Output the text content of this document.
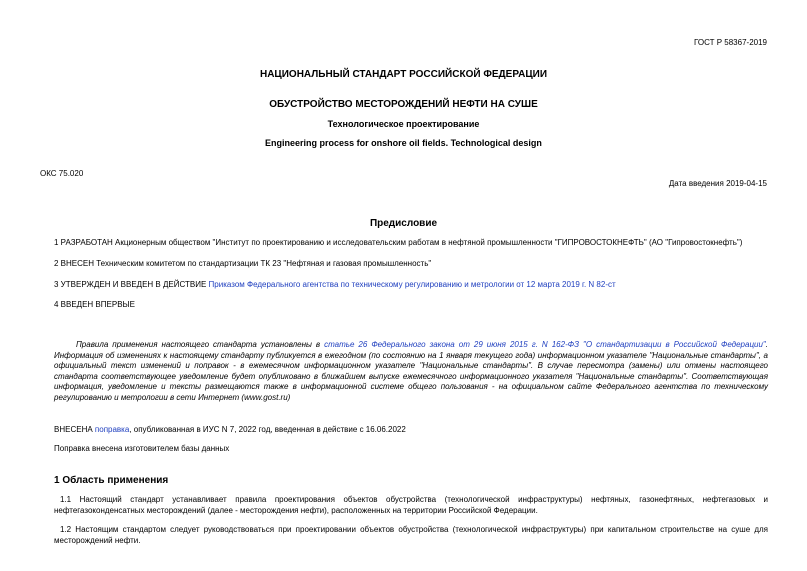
ГОСТ Р 58367-2019
НАЦИОНАЛЬНЫЙ СТАНДАРТ РОССИЙСКОЙ ФЕДЕРАЦИИ
ОБУСТРОЙСТВО МЕСТОРОЖДЕНИЙ НЕФТИ НА СУШЕ
Технологическое проектирование
Engineering process for onshore oil fields. Technological design
ОКС 75.020
Дата введения 2019-04-15
Предисловие
1 РАЗРАБОТАН Акционерным обществом "Институт по проектированию и исследовательским работам в нефтяной промышленности "ГИПРОВОСТОКНЕФТЬ" (АО "Гипровостокнефть")
2 ВНЕСЕН Техническим комитетом по стандартизации ТК 23 "Нефтяная и газовая промышленность"
3 УТВЕРЖДЕН И ВВЕДЕН В ДЕЙСТВИЕ Приказом Федерального агентства по техническому регулированию и метрологии от 12 марта 2019 г. N 82-ст
4 ВВЕДЕН ВПЕРВЫЕ

Правила применения настоящего стандарта установлены в статье 26 Федерального закона от 29 июня 2015 г. N 162-ФЗ "О стандартизации в Российской Федерации". Информация об изменениях к настоящему стандарту публикуется в ежегодном (по состоянию на 1 января текущего года) информационном указателе "Национальные стандарты", а официальный текст изменений и поправок - в ежемесячном информационном указателе "Национальные стандарты". В случае пересмотра (замены) или отмены настоящего стандарта соответствующее уведомление будет опубликовано в ближайшем выпуске ежемесячного информационного указателя "Национальные стандарты". Соответствующая информация, уведомление и тексты размещаются также в информационной системе общего пользования - на официальном сайте Федерального агентства по техническому регулированию и метрологии в сети Интернет (www.gost.ru)

ВНЕСЕНА поправка, опубликованная в ИУС N 7, 2022 год, введенная в действие с 16.06.2022
Поправка внесена изготовителем базы данных
1 Область применения

1.1 Настоящий стандарт устанавливает правила проектирования объектов обустройства (технологической инфраструктуры) нефтяных, газонефтяных, нефтегазовых и нефтегазоконденсатных месторождений (далее - месторождения нефти), расположенных на территории Российской Федерации.

1.2 Настоящим стандартом следует руководствоваться при проектировании объектов обустройства (технологической инфраструктуры) при капитальном строительстве на суше для месторождений нефти.
